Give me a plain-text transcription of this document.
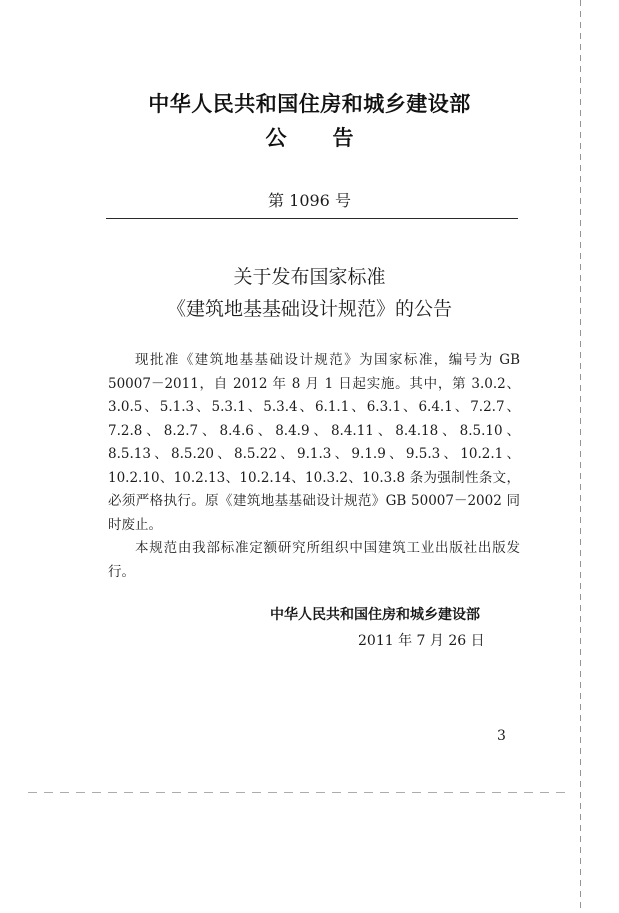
中华人民共和国住房和城乡建设部
公告
第 1096 号
关于发布国家标准
《建筑地基基础设计规范》的公告

现批准《建筑地基基础设计规范》为国家标准，编号为 GB 50007－2011，自 2012 年 8 月 1 日起实施。其中，第 3.0.2、3.0.5、5.1.3、5.3.1、5.3.4、6.1.1、6.3.1、6.4.1、7.2.7、7.2.8、8.2.7、8.4.6、8.4.9、8.4.11、8.4.18、8.5.10、8.5.13、8.5.20、8.5.22、9.1.3、9.1.9、9.5.3、10.2.1、10.2.10、10.2.13、10.2.14、10.3.2、10.3.8 条为强制性条文，必须严格执行。原《建筑地基基础设计规范》GB 50007－2002 同时废止。

本规范由我部标准定额研究所组织中国建筑工业出版社出版发行。

中华人民共和国住房和城乡建设部
2011 年 7 月 26 日
3
